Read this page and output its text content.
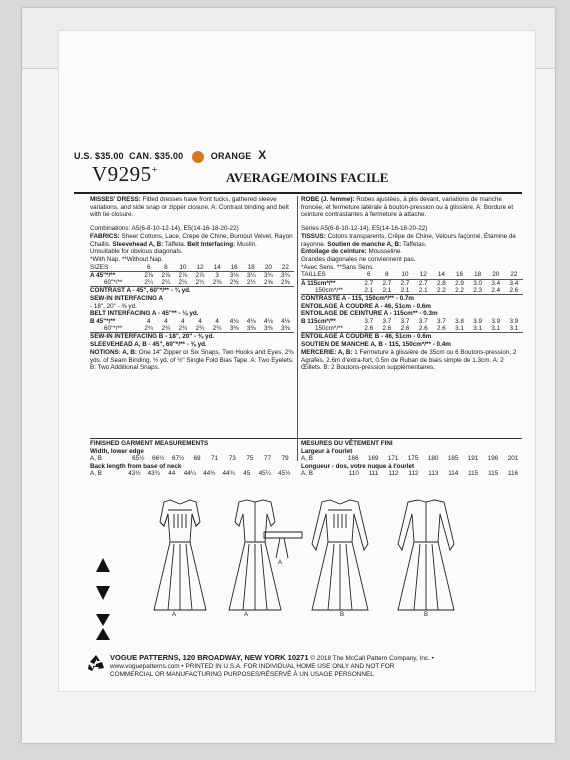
U.S. $35.00 CAN. $35.00	ORANGE X
V9295+	AVERAGE/MOINS FACILE
MISSES' DRESS: Fitted dresses have front tucks, gathered sleeve variations, and side snap or zipper closure. A: Contrast binding and belt with tie closure.
Combinations: A5(6-8-10-12-14), E5(14-16-18-20-22)
FABRICS: Sheer Cottons, Lace, Crepe de Chine, Burnout Velvet, Rayon Challis. Sleevehead A, B: Taffeta. Belt Interfacing: Muslin.
Unsuitable for obvious diagonals.
*With Nap. **Without Nap.
SIZES	6	8	10	12	14	16	18	20	22
A 45"*/**	2⅞	2⅞	2⅞	2⅞	3	3⅛	3¼	3¾	3¾
60"*/**	2¼	2¼	2¼	2¼	2⅜	2⅜	2½	2⅝	2⅝
CONTRAST A - 45", 60"*/** - ¾ yd.
SEW-IN INTERFACING A
- 18", 20" - ⅜ yd.
BELT INTERFACING A - 45"** - ⅛ yd.
B 45"*/**	4	4	4	4	4	4⅛	4⅛	4⅛	4⅛
60"*/**	2¾	2¾	2¾	2¾	2¾	3⅜	3⅜	3⅜	3⅜
SEW-IN INTERFACING B - 18", 20" - ⅜ yd.
SLEEVEHEAD A, B - 45", 60"*/** - ⅜ yd.
NOTIONS: A, B: One 14" Zipper or Six Snaps, Two Hooks and Eyes, 2⅜ yds. of Seam Binding, ½ yd. of ½" Single Fold Bias Tape. A: Two Eyelets. B: Two Additional Snaps.
ROBE (J. femme): Robes ajustées, à plis devant, variations de manche froncée, et fermeture latérale à bouton-pression ou à glissière. A: Bordure et ceinture contrastantes à fermeture à attache.
Séries A5(6-8-10-12-14), E5(14-16-18-20-22)
TISSUS: Cotons transparents, Crêpe de Chine, Velours façonné, Étamine de rayonne. Soutien de manche A, B: Taffetas.
Entoilage de ceinture: Mousseline.
Grandes diagonales ne conviennent pas.
*Avec Sens. **Sans Sens.
TAILLES	6	8	10	12	14	16	18	20	22
A 115cm*/**	2.7	2.7	2.7	2.7	2.8	2.9	3.0	3.4	3.4
150cm*/**	2.1	2.1	2.1	2.1	2.2	2.2	2.3	2.4	2.6
CONTRASTE A - 115, 150cm*/** - 0.7m
ENTOILAGE À COUDRE A - 46, 51cm - 0.6m
ENTOILAGE DE CEINTURE A - 115cm** - 0.3m
B 115cm*/**	3.7	3.7	3.7	3.7	3.7	3.8	3.9	3.9	3.9
150cm*/**	2.6	2.6	2.6	2.6	2.6	3.1	3.1	3.1	3.1
ENTOILAGE À COUDRE B - 46, 51cm - 0.6m
SOUTIEN DE MANCHE A, B - 115, 150cm*/** - 0.4m
MERCERIE: A, B: 1 Fermeture à glissière de 35cm ou 6 Boutons-pression, 2 Agrafes, 2.6m d'extra-fort, 0.5m de Ruban de biais simple de 1.3cm. A: 2 Œillets. B: 2 Boutons-pression supplémentaires.
FINISHED GARMENT MEASUREMENTS
Width, lower edge
A, B	65½	66½	67½	69	71	73	75	77	79
Back length from base of neck
A, B	43½	43¾	44	44¼	44½	44¾	45	45¼	45½
MESURES DU VÊTEMENT FINI
Largeur à l'ourlet
A, B	166	169	171	175	180	185	191	196	201
Longueur - dos, votre nuque à l'ourlet
A, B	110	111	112	112	113	114	115	115	116
A	A
A
B	B
VOGUE PATTERNS, 120 BROADWAY, NEW YORK 10271 © 2018 The McCall Pattern Company, Inc. •
www.voguepatterns.com • PRINTED IN U.S.A. FOR INDIVIDUAL HOME USE ONLY AND NOT FOR
COMMERCIAL OR MANUFACTURING PURPOSES/RÉSERVÉ À UN USAGE PERSONNEL
